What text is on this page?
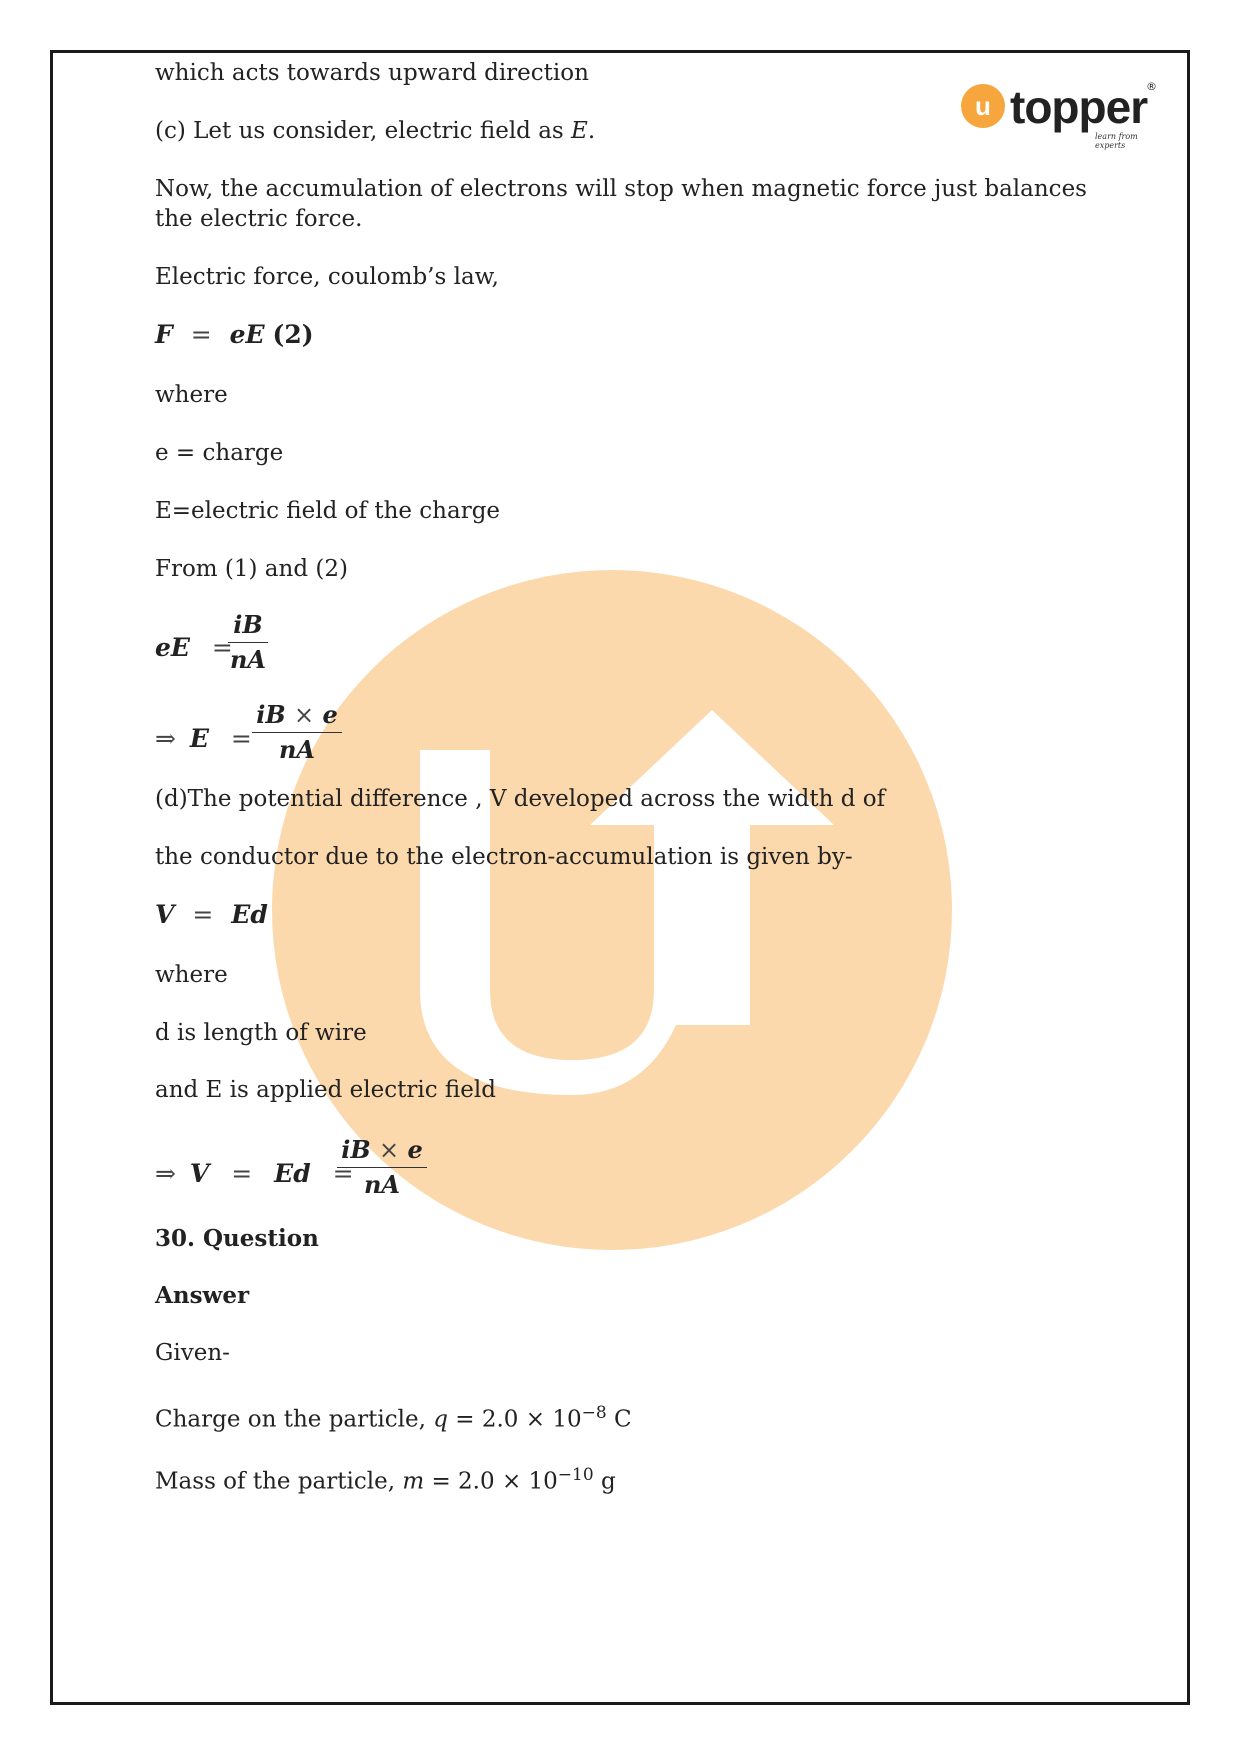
u topper
®
learn from experts
which acts towards upward direction
(c) Let us consider, electric field as E.
Now, the accumulation of electrons will stop when magnetic force just balances
the electric force.
Electric force, coulomb’s law,
F = eE (2)
where
e = charge
E=electric field of the charge
From (1) and (2)
eE =
iB
nA
⇒ E =
iB × e
nA
(d)The potential difference , V developed across the width d of
the conductor due to the electron-accumulation is given by-
V = Ed
where
d is length of wire
and E is applied electric field
⇒ V = Ed =
iB × e
nA
30. Question
Answer
Given-
Charge on the particle, $q = 2.0 \times 10^{-8}$ C
Mass of the particle, $m = 2.0 \times 10^{-10}$ g
